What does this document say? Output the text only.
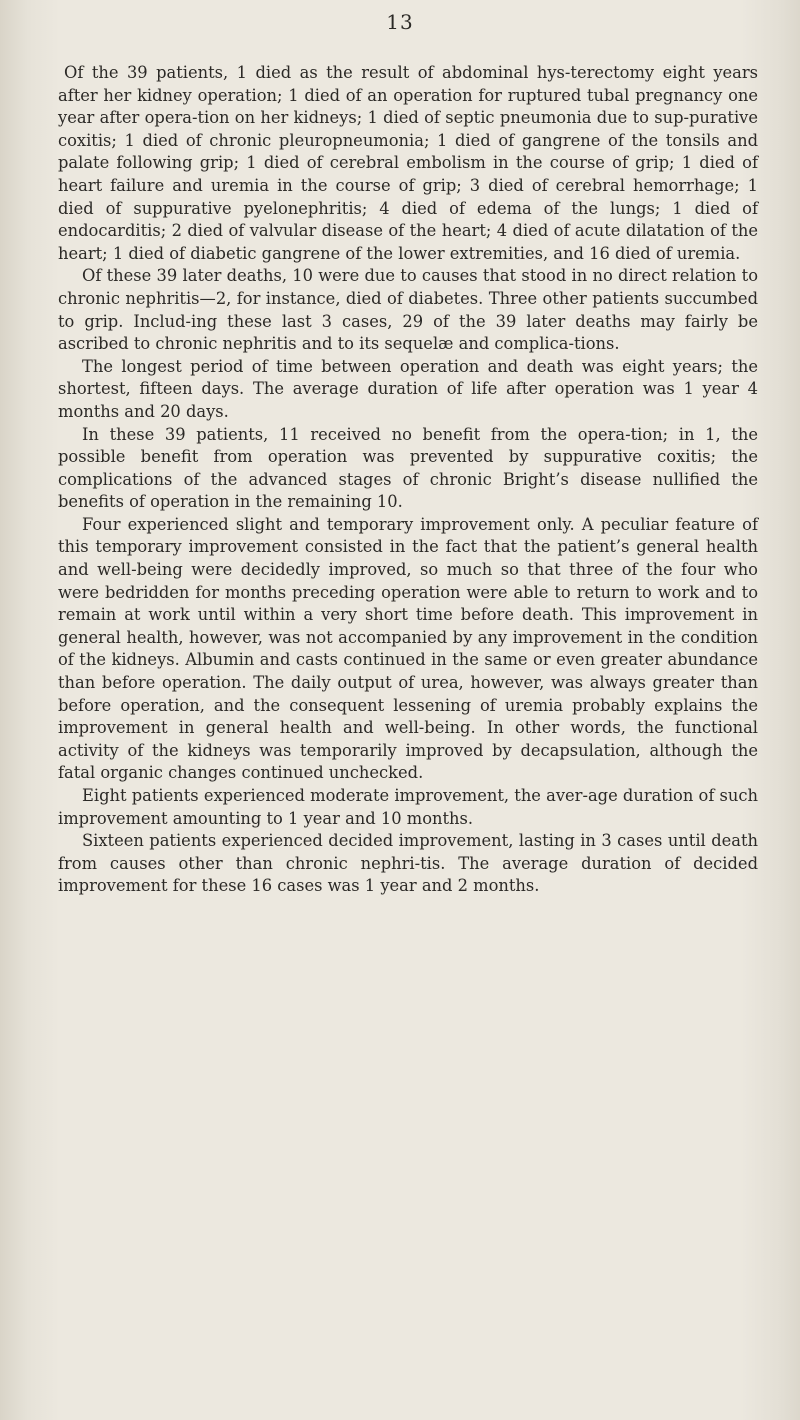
13

Of the 39 patients, 1 died as the result of abdominal hys-terectomy eight years after her kidney operation; 1 died of an operation for ruptured tubal pregnancy one year after opera-tion on her kidneys; 1 died of septic pneumonia due to sup-purative coxitis; 1 died of chronic pleuropneumonia; 1 died of gangrene of the tonsils and palate following grip; 1 died of cerebral embolism in the course of grip; 1 died of heart failure and uremia in the course of grip; 3 died of cerebral hemorrhage; 1 died of suppurative pyelonephritis; 4 died of edema of the lungs; 1 died of endocarditis; 2 died of valvular disease of the heart; 4 died of acute dilatation of the heart; 1 died of diabetic gangrene of the lower extremities, and 16 died of uremia.

Of these 39 later deaths, 10 were due to causes that stood in no direct relation to chronic nephritis—2, for instance, died of diabetes. Three other patients succumbed to grip. Includ-ing these last 3 cases, 29 of the 39 later deaths may fairly be ascribed to chronic nephritis and to its sequelæ and complica-tions.

The longest period of time between operation and death was eight years; the shortest, fifteen days. The average duration of life after operation was 1 year 4 months and 20 days.

In these 39 patients, 11 received no benefit from the opera-tion; in 1, the possible benefit from operation was prevented by suppurative coxitis; the complications of the advanced stages of chronic Bright’s disease nullified the benefits of operation in the remaining 10.

Four experienced slight and temporary improvement only. A peculiar feature of this temporary improvement consisted in the fact that the patient’s general health and well-being were decidedly improved, so much so that three of the four who were bedridden for months preceding operation were able to return to work and to remain at work until within a very short time before death. This improvement in general health, however, was not accompanied by any improvement in the condition of the kidneys. Albumin and casts continued in the same or even greater abundance than before operation. The daily output of urea, however, was always greater than before operation, and the consequent lessening of uremia probably explains the improvement in general health and well-being. In other words, the functional activity of the kidneys was temporarily improved by decapsulation, although the fatal organic changes continued unchecked.

Eight patients experienced moderate improvement, the aver-age duration of such improvement amounting to 1 year and 10 months.

Sixteen patients experienced decided improvement, lasting in 3 cases until death from causes other than chronic nephri-tis. The average duration of decided improvement for these 16 cases was 1 year and 2 months.
